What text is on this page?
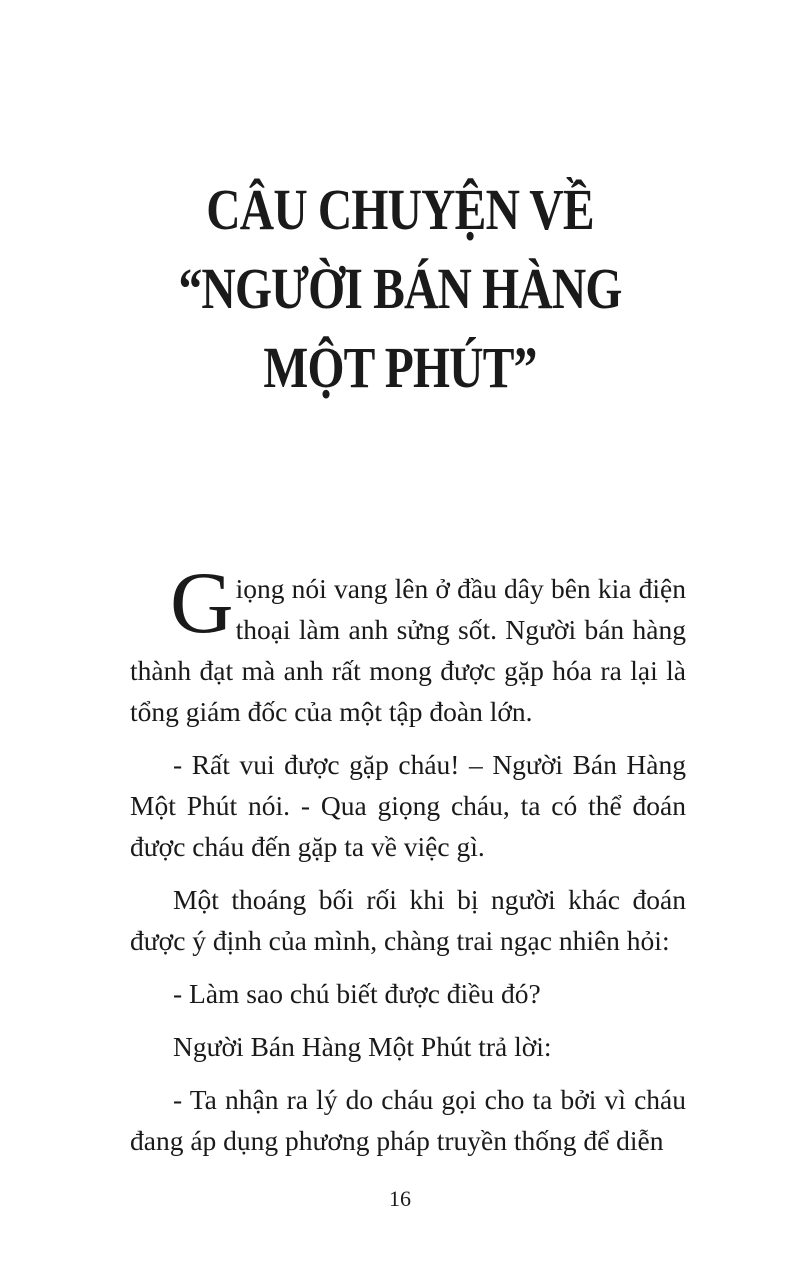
CÂU CHUYỆN VỀ
“NGƯỜI BÁN HÀNG
MỘT PHÚT”

Giọng nói vang lên ở đầu dây bên kia điện thoại làm anh sửng sốt. Người bán hàng thành đạt mà anh rất mong được gặp hóa ra lại là tổng giám đốc của một tập đoàn lớn.

- Rất vui được gặp cháu! – Người Bán Hàng Một Phút nói. - Qua giọng cháu, ta có thể đoán được cháu đến gặp ta về việc gì.

Một thoáng bối rối khi bị người khác đoán được ý định của mình, chàng trai ngạc nhiên hỏi:

- Làm sao chú biết được điều đó?

Người Bán Hàng Một Phút trả lời:

- Ta nhận ra lý do cháu gọi cho ta bởi vì cháu đang áp dụng phương pháp truyền thống để diễn

16
